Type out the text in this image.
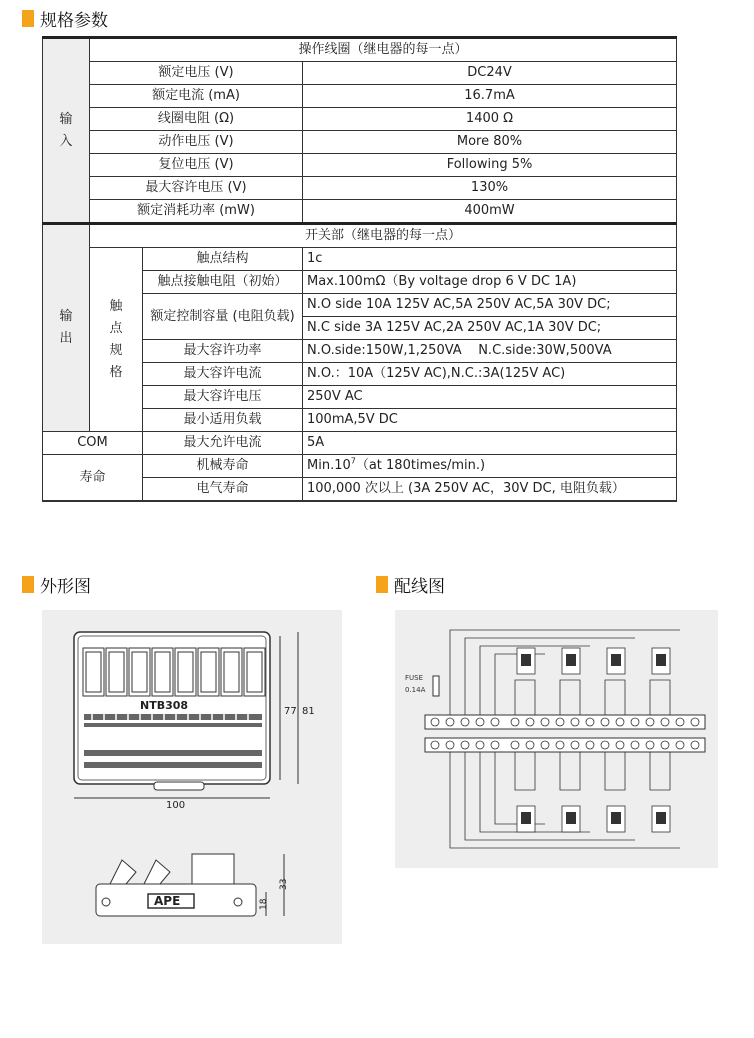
规格参数
输入	操作线圈（继电器的每一点）		
	额定电压 (V)		DC24V
	额定电流 (mA)		16.7mA
	线圈电阻 (Ω)		1400 Ω
	动作电压 (V)		More 80%
	复位电压 (V)		Following 5%
	最大容许电压 (V)		130%
	额定消耗功率 (mW)		400mW
输出	开关部（继电器的每一点）		
	触点规格	触点结构	1c
		触点接触电阻（初始）	Max.100mΩ（By voltage drop 6 V DC 1A)
		额定控制容量 (电阻负载)	N.O side 10A 125V AC,5A 250V AC,5A 30V DC;
			N.C side 3A 125V AC,2A 250V AC,1A 30V DC;
		最大容许功率	N.O.side:150W,1,250VA    N.C.side:30W,500VA
		最大容许电流	N.O.：10A（125V AC),N.C.:3A(125V AC)
		最大容许电压	250V AC
		最小适用负载	100mA,5V DC
COM		最大允许电流	5A
寿命		机械寿命	$Min.10^7(at$ 180times/min.)
		电气寿命	100,000 次以上 (3A 250V AC，30V DC, 电阻负载）
外形图
NTB308
100
77 81
APE	18
33
配线图
FUSE
0.14A
